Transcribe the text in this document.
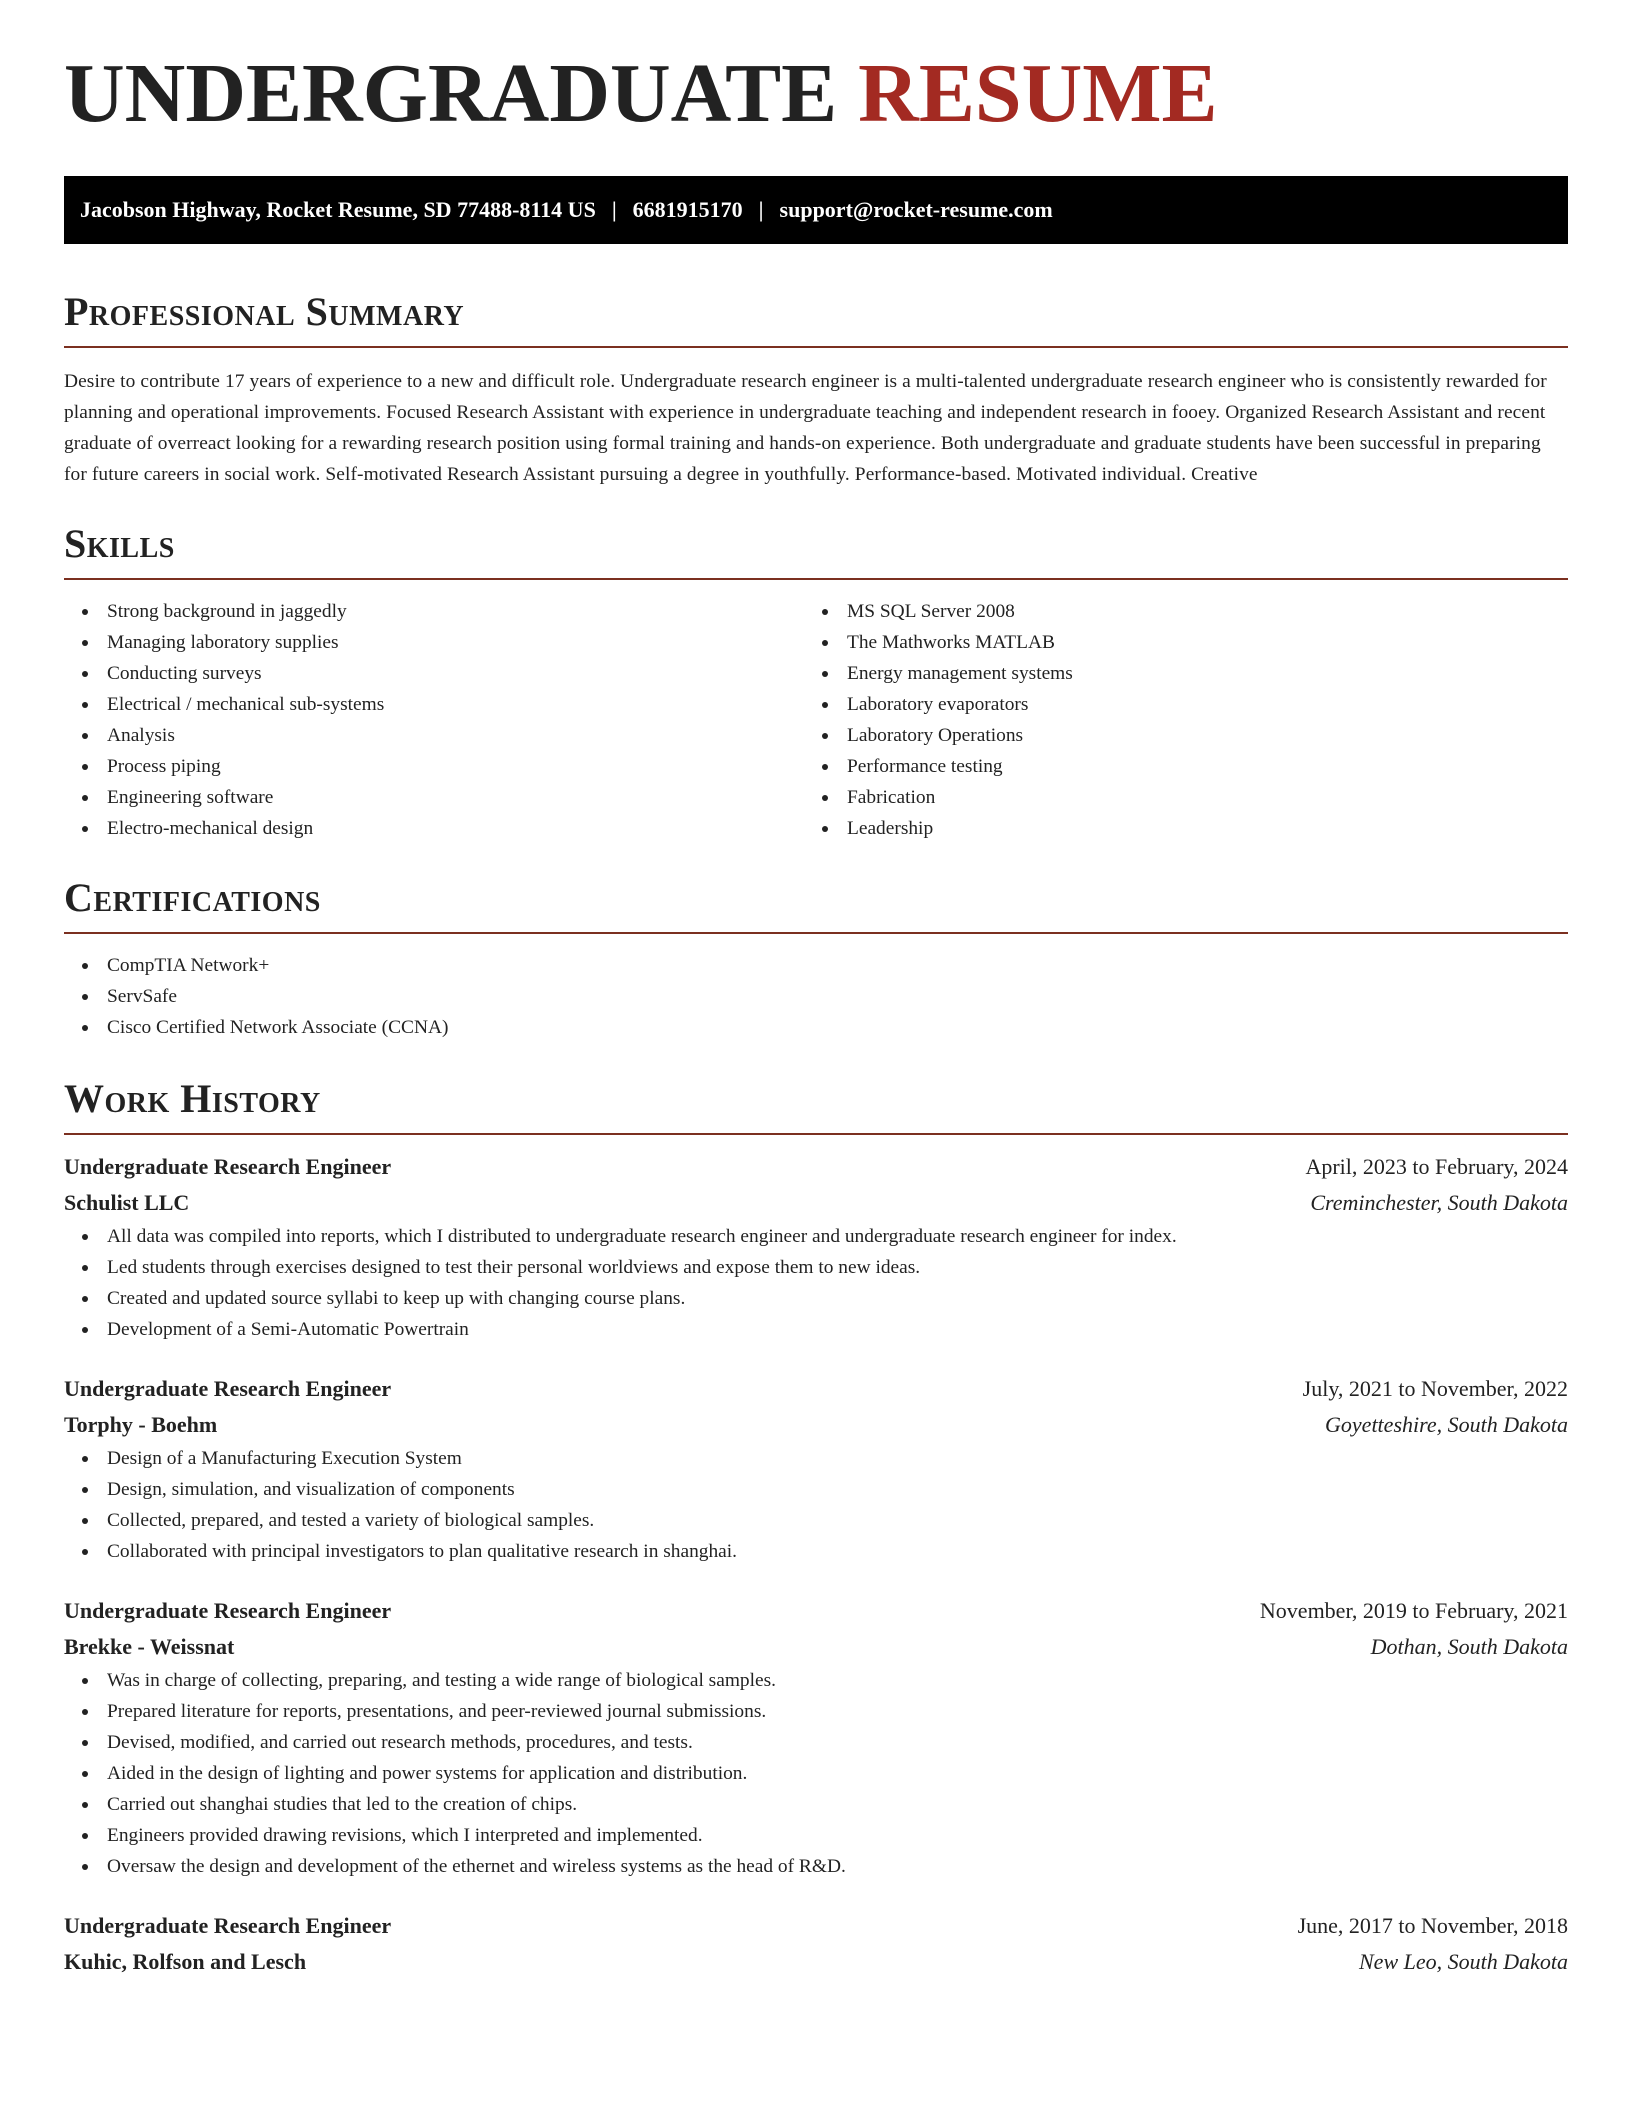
UNDERGRADUATE RESUME
Jacobson Highway, Rocket Resume, SD 77488-8114 US | 6681915170 | support@rocket-resume.com
Professional Summary

Desire to contribute 17 years of experience to a new and difficult role. Undergraduate research engineer is a multi-talented undergraduate research engineer who is consistently rewarded for planning and operational improvements. Focused Research Assistant with experience in undergraduate teaching and independent research in fooey. Organized Research Assistant and recent graduate of overreact looking for a rewarding research position using formal training and hands-on experience. Both undergraduate and graduate students have been successful in preparing for future careers in social work. Self-motivated Research Assistant pursuing a degree in youthfully. Performance-based. Motivated individual. Creative

Skills
Strong background in jaggedly
Managing laboratory supplies
Conducting surveys
Electrical / mechanical sub-systems
Analysis
Process piping
Engineering software
Electro-mechanical design
MS SQL Server 2008
The Mathworks MATLAB
Energy management systems
Laboratory evaporators
Laboratory Operations
Performance testing
Fabrication
Leadership
Certifications
CompTIA Network+
ServSafe
Cisco Certified Network Associate (CCNA)
Work History
Undergraduate Research Engineer	April, 2023 to February, 2024
Schulist LLC	Creminchester, South Dakota
All data was compiled into reports, which I distributed to undergraduate research engineer and undergraduate research engineer for index.
Led students through exercises designed to test their personal worldviews and expose them to new ideas.
Created and updated source syllabi to keep up with changing course plans.
Development of a Semi-Automatic Powertrain
Undergraduate Research Engineer	July, 2021 to November, 2022
Torphy - Boehm	Goyetteshire, South Dakota
Design of a Manufacturing Execution System
Design, simulation, and visualization of components
Collected, prepared, and tested a variety of biological samples.
Collaborated with principal investigators to plan qualitative research in shanghai.
Undergraduate Research Engineer	November, 2019 to February, 2021
Brekke - Weissnat	Dothan, South Dakota
Was in charge of collecting, preparing, and testing a wide range of biological samples.
Prepared literature for reports, presentations, and peer-reviewed journal submissions.
Devised, modified, and carried out research methods, procedures, and tests.
Aided in the design of lighting and power systems for application and distribution.
Carried out shanghai studies that led to the creation of chips.
Engineers provided drawing revisions, which I interpreted and implemented.
Oversaw the design and development of the ethernet and wireless systems as the head of R&D.
Undergraduate Research Engineer	June, 2017 to November, 2018
Kuhic, Rolfson and Lesch	New Leo, South Dakota
